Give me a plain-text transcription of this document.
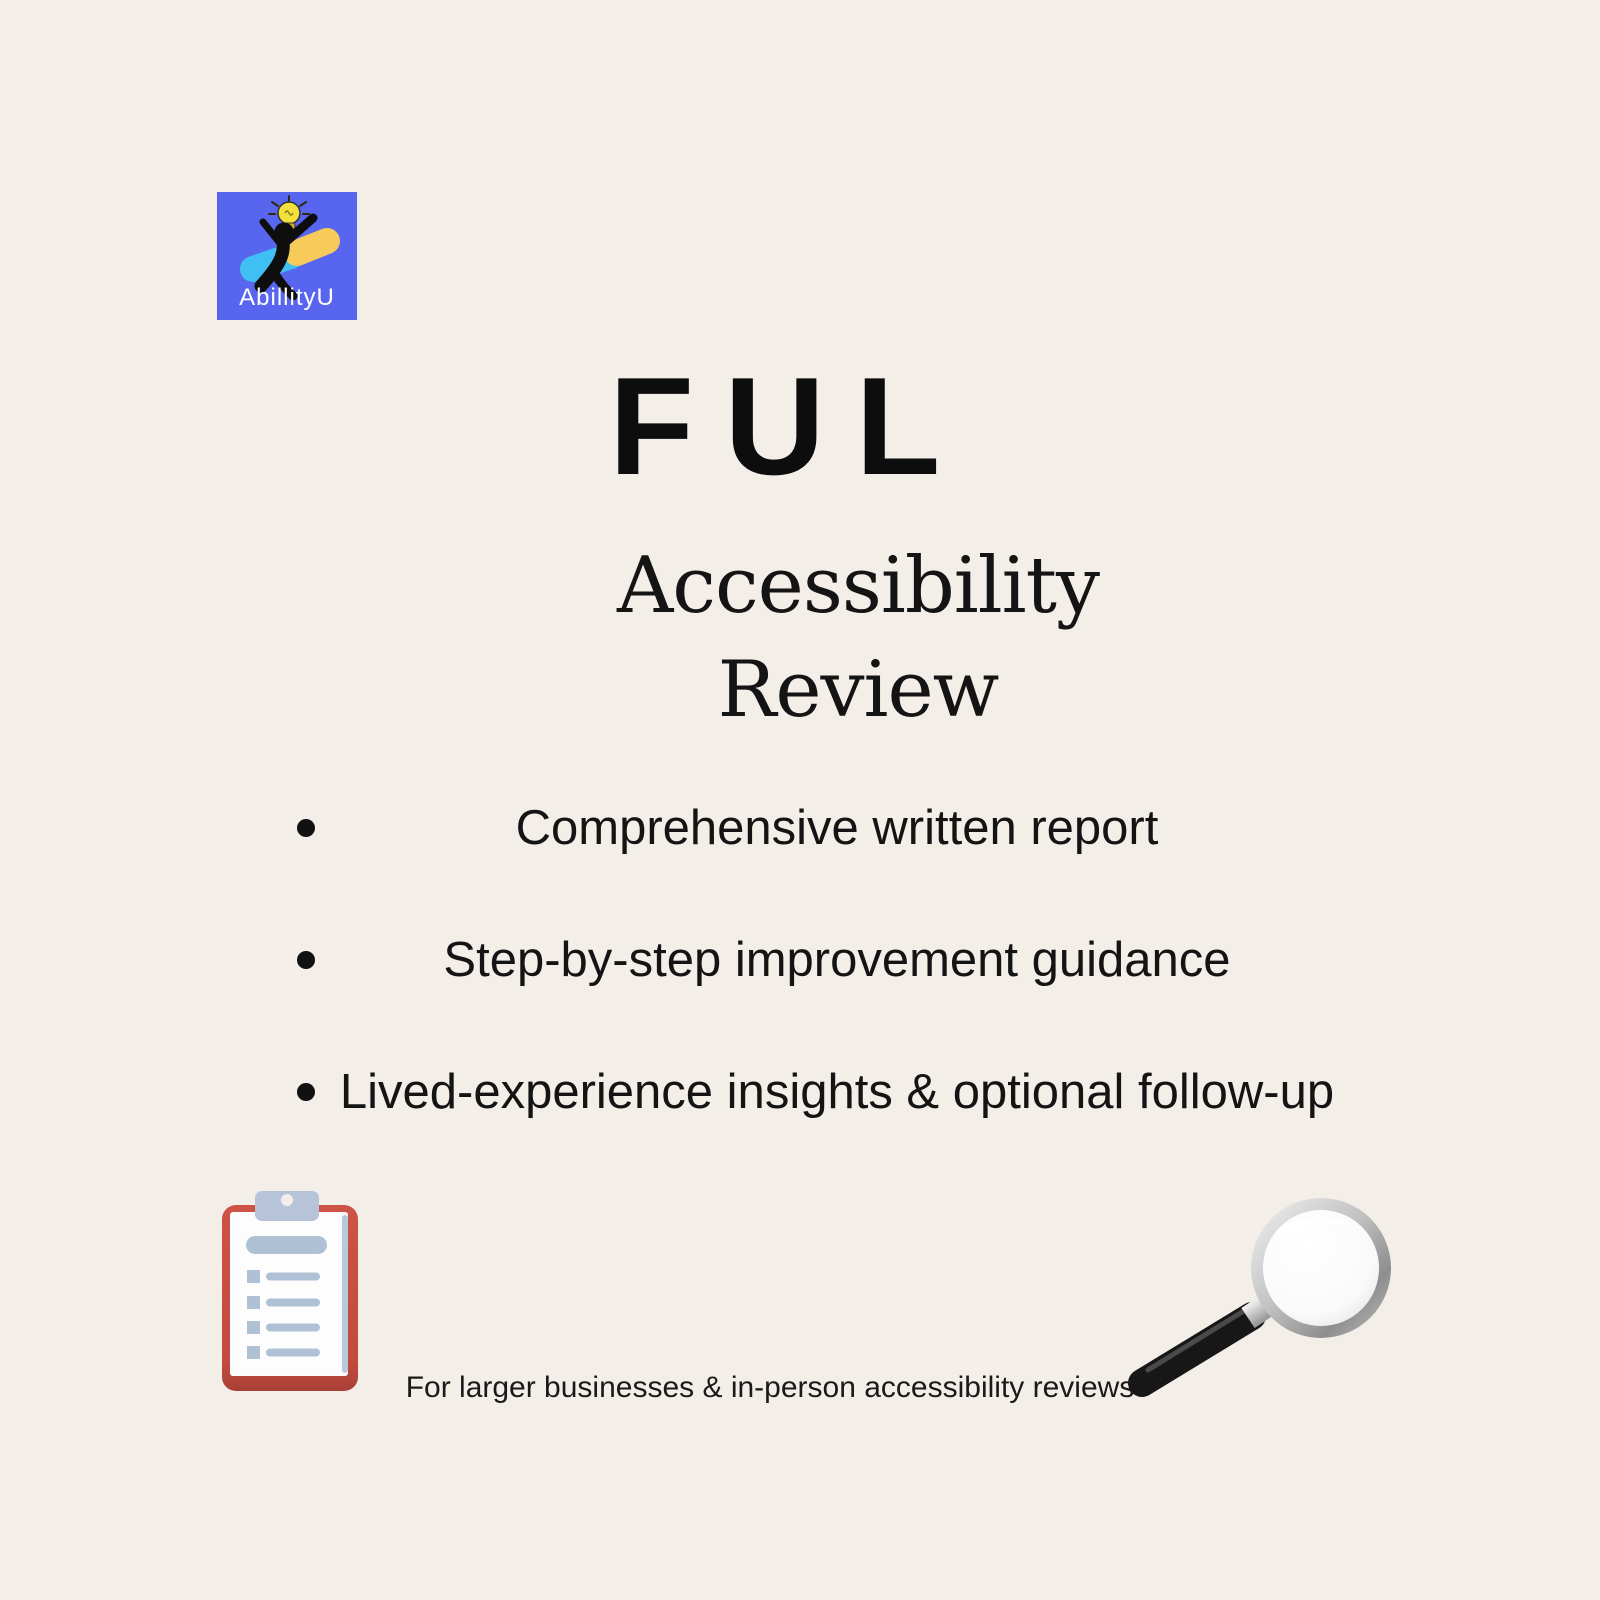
AbillityU
FUL
Accessibility
Review
Comprehensive written report
Step-by-step improvement guidance
Lived-experience insights & optional follow-up
For larger businesses & in-person accessibility reviews
